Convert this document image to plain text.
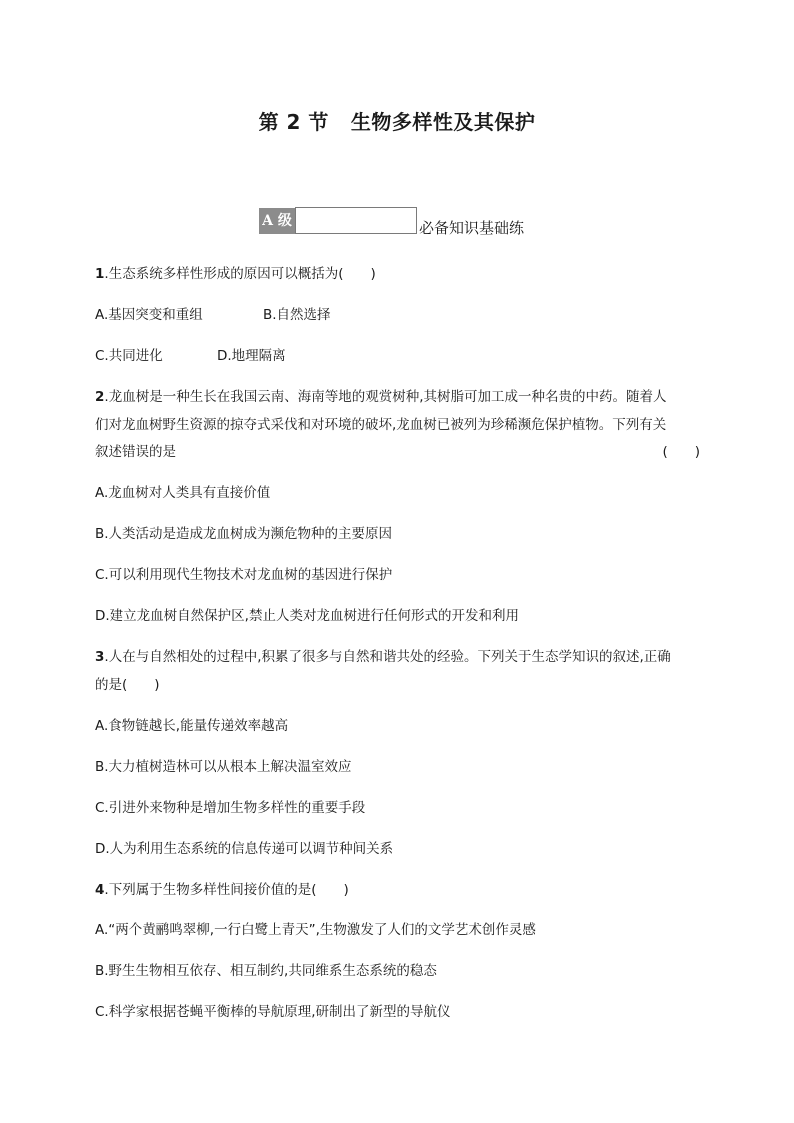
第 2 节 生物多样性及其保护
A 级	必备知识基础练
1.生态系统多样性形成的原因可以概括为(　　)
A.基因突变和重组	B.自然选择
C.共同进化	D.地理隔离
2.龙血树是一种生长在我国云南、海南等地的观赏树种,其树脂可加工成一种名贵的中药。随着人
们对龙血树野生资源的掠夺式采伐和对环境的破坏,龙血树已被列为珍稀濒危保护植物。下列有关
叙述错误的是	(　　)
A.龙血树对人类具有直接价值
B.人类活动是造成龙血树成为濒危物种的主要原因
C.可以利用现代生物技术对龙血树的基因进行保护
D.建立龙血树自然保护区,禁止人类对龙血树进行任何形式的开发和利用
3.人在与自然相处的过程中,积累了很多与自然和谐共处的经验。下列关于生态学知识的叙述,正确
的是(　　)
A.食物链越长,能量传递效率越高
B.大力植树造林可以从根本上解决温室效应
C.引进外来物种是增加生物多样性的重要手段
D.人为利用生态系统的信息传递可以调节种间关系
4.下列属于生物多样性间接价值的是(　　)
A.“两个黄鹂鸣翠柳,一行白鹭上青天”,生物激发了人们的文学艺术创作灵感
B.野生生物相互依存、相互制约,共同维系生态系统的稳态
C.科学家根据苍蝇平衡棒的导航原理,研制出了新型的导航仪
